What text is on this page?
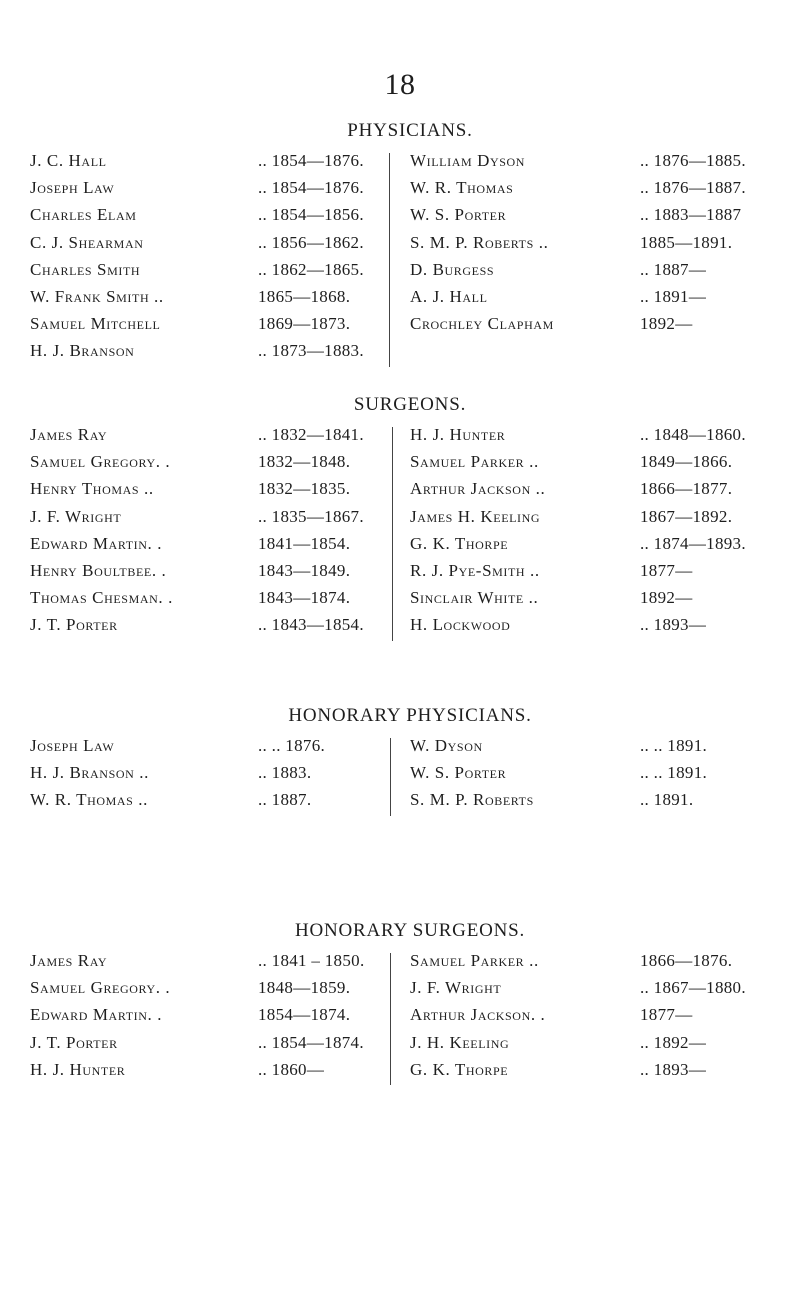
18
PHYSICIANS.
J. C. Hall	.. 1854—1876.
Joseph Law	.. 1854—1876.
Charles Elam	.. 1854—1856.
C. J. Shearman	.. 1856—1862.
Charles Smith	.. 1862—1865.
W. Frank Smith ..	1865—1868.
Samuel Mitchell	1869—1873.
H. J. Branson	.. 1873—1883.
William Dyson	.. 1876—1885.
W. R. Thomas	.. 1876—1887.
W. S. Porter	.. 1883—1887
S. M. P. Roberts ..	1885—1891.
D. Burgess	.. 1887—
A. J. Hall	.. 1891—
Crochley Clapham	1892—
SURGEONS.
James Ray	.. 1832—1841.
Samuel Gregory. .	1832—1848.
Henry Thomas ..	1832—1835.
J. F. Wright	.. 1835—1867.
Edward Martin. .	1841—1854.
Henry Boultbee. .	1843—1849.
Thomas Chesman. .	1843—1874.
J. T. Porter	.. 1843—1854.
H. J. Hunter	.. 1848—1860.
Samuel Parker ..	1849—1866.
Arthur Jackson ..	1866—1877.
James H. Keeling	1867—1892.
G. K. Thorpe	.. 1874—1893.
R. J. Pye-Smith ..	1877—
Sinclair White ..	1892—
H. Lockwood	.. 1893—
HONORARY PHYSICIANS.
Joseph Law	.. .. 1876.
H. J. Branson ..	.. 1883.
W. R. Thomas ..	.. 1887.
W. Dyson	.. .. 1891.
W. S. Porter	.. .. 1891.
S. M. P. Roberts	.. 1891.
HONORARY SURGEONS.
James Ray	.. 1841 – 1850.
Samuel Gregory. .	1848—1859.
Edward Martin. .	1854—1874.
J. T. Porter	.. 1854—1874.
H. J. Hunter	.. 1860—
Samuel Parker ..	1866—1876.
J. F. Wright	.. 1867—1880.
Arthur Jackson. .	1877—
J. H. Keeling	.. 1892—
G. K. Thorpe	.. 1893—
